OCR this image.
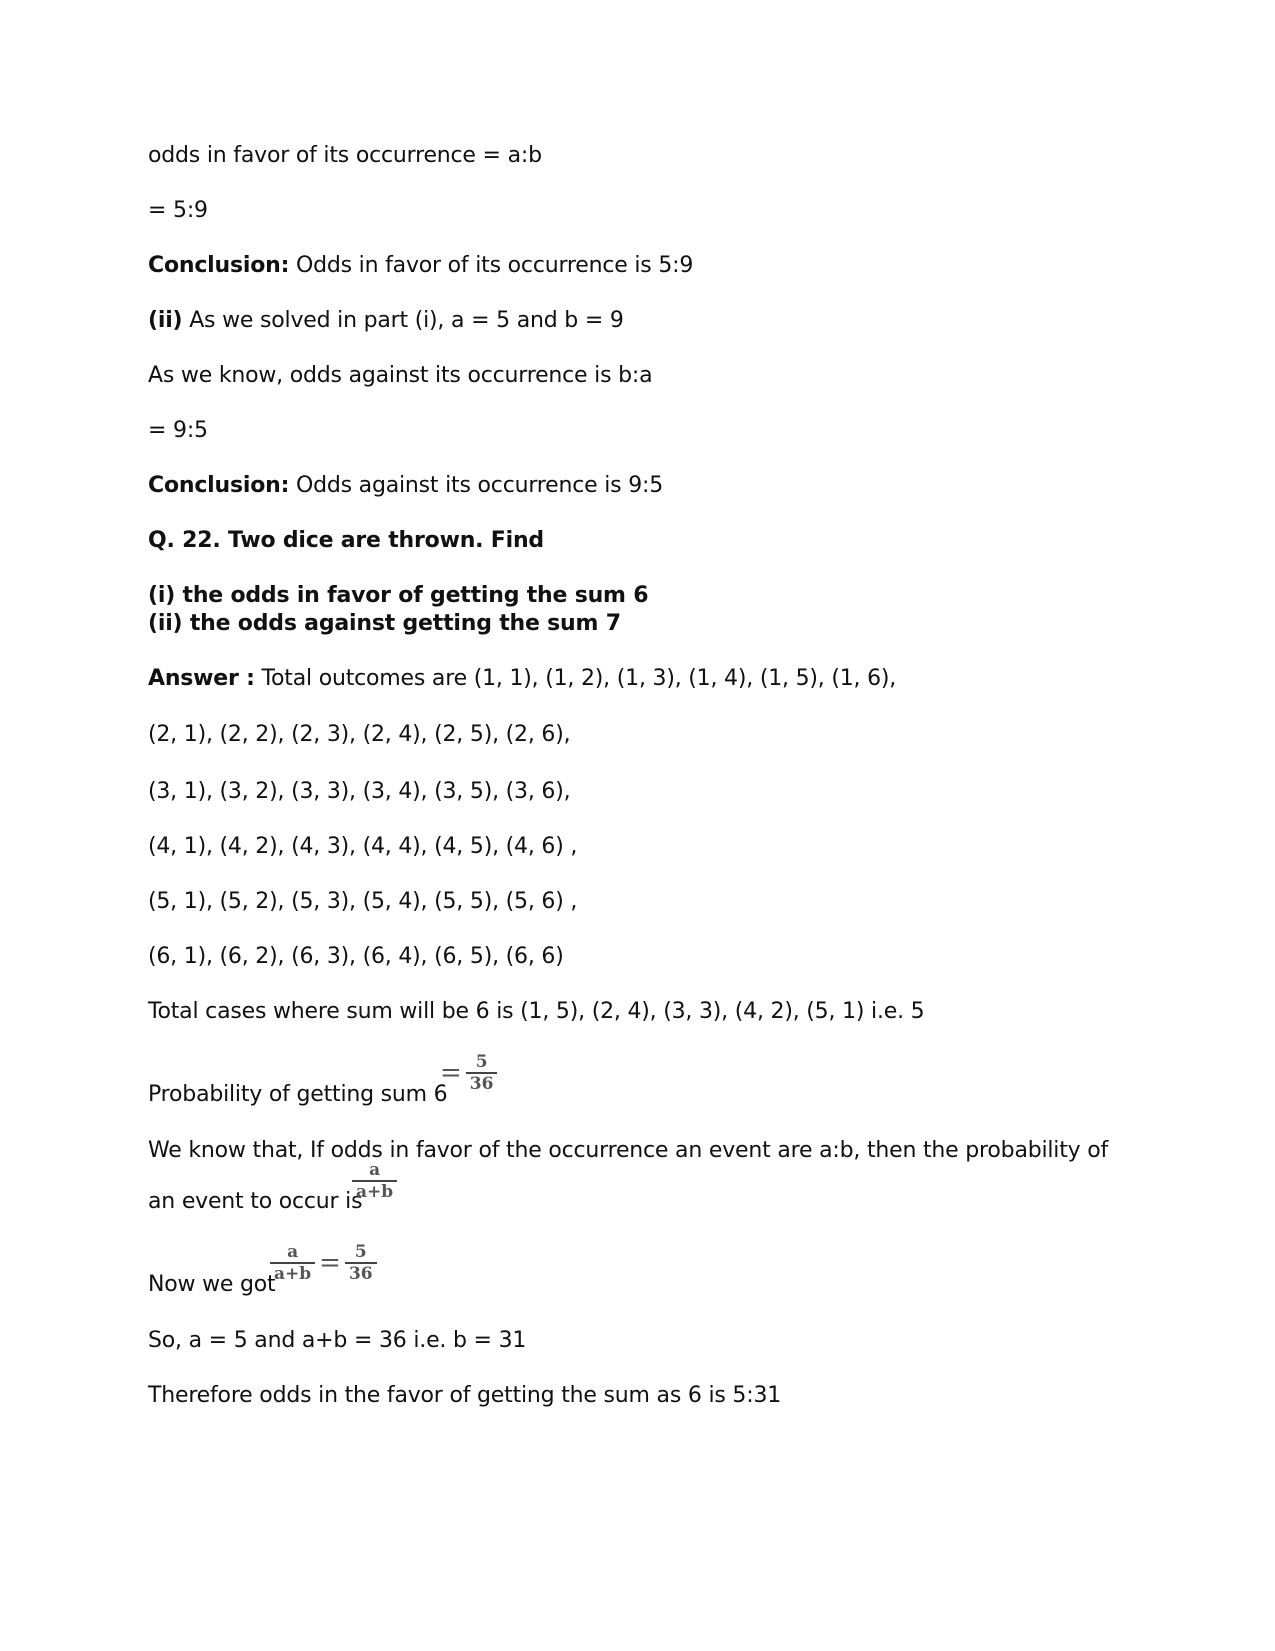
odds in favor of its occurrence = a:b
= 5:9
Conclusion: Odds in favor of its occurrence is 5:9
(ii) As we solved in part (i), a = 5 and b = 9
As we know, odds against its occurrence is b:a
= 9:5
Conclusion: Odds against its occurrence is 9:5
Q. 22. Two dice are thrown. Find
(i) the odds in favor of getting the sum 6
(ii) the odds against getting the sum 7
Answer : Total outcomes are (1, 1), (1, 2), (1, 3), (1, 4), (1, 5), (1, 6),
(2, 1), (2, 2), (2, 3), (2, 4), (2, 5), (2, 6),
(3, 1), (3, 2), (3, 3), (3, 4), (3, 5), (3, 6),
(4, 1), (4, 2), (4, 3), (4, 4), (4, 5), (4, 6) ,
(5, 1), (5, 2), (5, 3), (5, 4), (5, 5), (5, 6) ,
(6, 1), (6, 2), (6, 3), (6, 4), (6, 5), (6, 6)
Total cases where sum will be 6 is (1, 5), (2, 4), (3, 3), (4, 2), (5, 1) i.e. 5
Probability of getting sum 6
= $\frac{5}{36}$
We know that, If odds in favor of the occurrence an event are a:b, then the probability of
an event to occur is
$\frac{a}{a+b}$
Now we got
$\frac{a}{a+b} = \frac{5}{36}$
So, a = 5 and a+b = 36 i.e. b = 31
Therefore odds in the favor of getting the sum as 6 is 5:31
